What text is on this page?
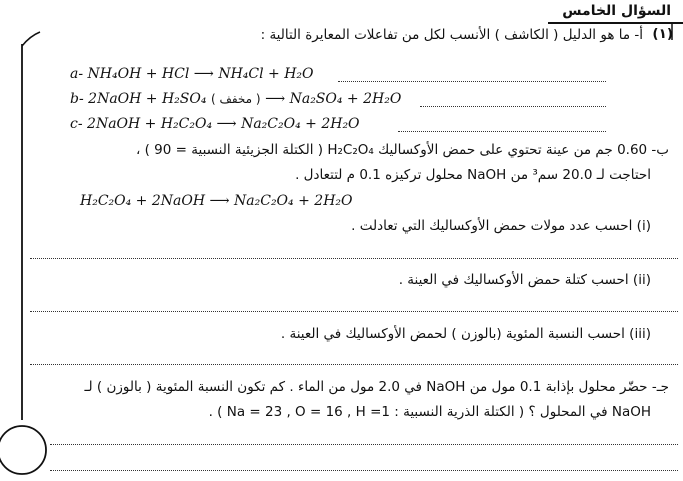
السؤال الخامس
(١)
أ- ما هو الدليل ( الكاشف ) الأنسب لكل من تفاعلات المعايرة التالية :
a- NH₄OH + HCl ⟶ NH₄Cl + H₂O
b- 2NaOH + H₂SO₄ ( مخفف ) ⟶ Na₂SO₄ + 2H₂O
c- 2NaOH + H₂C₂O₄ ⟶ Na₂C₂O₄ + 2H₂O
ب- 0.60 جم من عينة تحتوي على حمض الأوكساليك H₂C₂O₄ ( الكتلة الجزيئية النسبية = 90 ) ،
احتاجت لـ 20.0 سم³ من NaOH محلول تركيزه 0.1 م لتتعادل .
H₂C₂O₄ + 2NaOH ⟶ Na₂C₂O₄ + 2H₂O
(i) احسب عدد مولات حمض الأوكساليك التي تعادلت .
(ii) احسب كتلة حمض الأوكساليك في العينة .
(iii) احسب النسبة المئوية (بالوزن ) لحمض الأوكساليك في العينة .
جـ- حضّر محلول بإذابة 0.1 مول من NaOH في 2.0 مول من الماء . كم تكون النسبة المئوية ( بالوزن ) لـ
NaOH في المحلول ؟ ( الكتلة الذرية النسبية : Na = 23 , O = 16 , H =1 ) .
